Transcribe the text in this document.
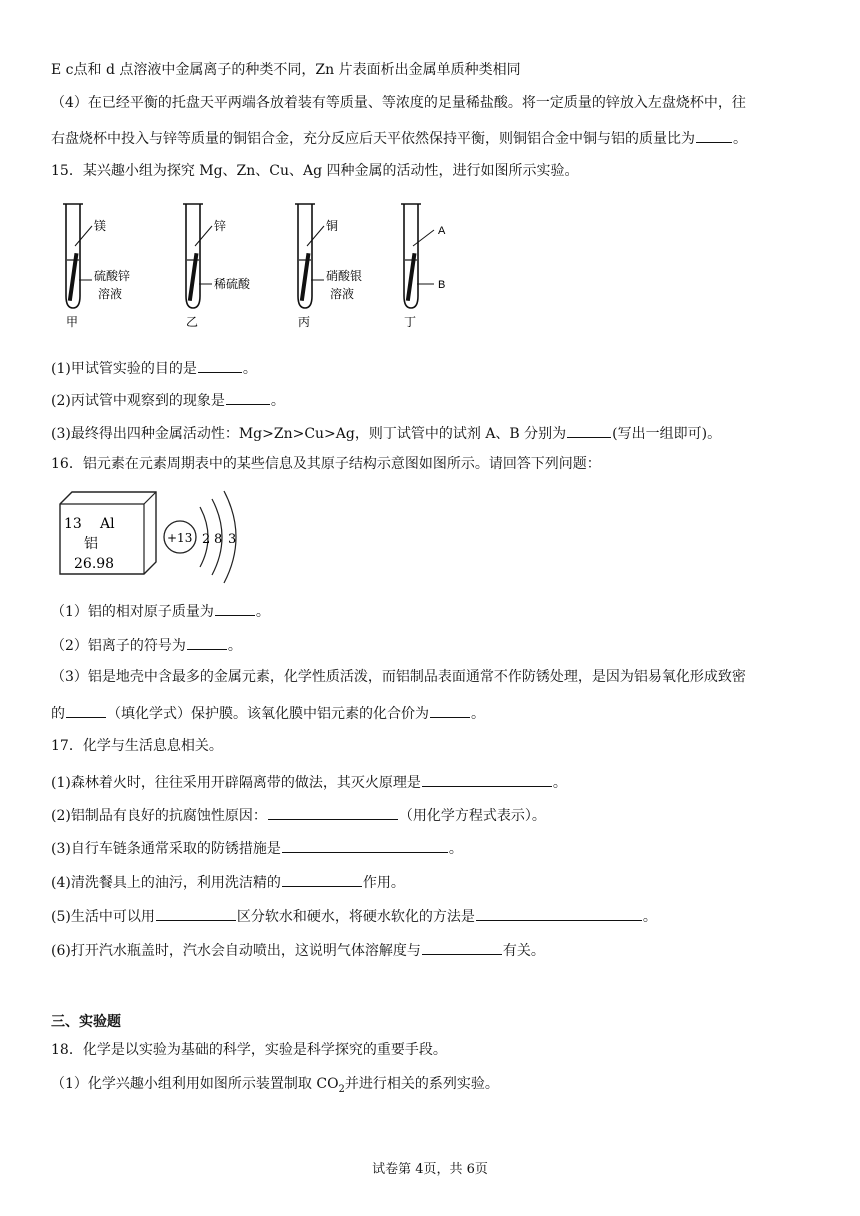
E c点和 d 点溶液中金属离子的种类不同，Zn 片表面析出金属单质种类相同
（4）在已经平衡的托盘天平两端各放着装有等质量、等浓度的足量稀盐酸。将一定质量的锌放入左盘烧杯中，往
右盘烧杯中投入与锌等质量的铜铝合金，充分反应后天平依然保持平衡，则铜铝合金中铜与铝的质量比为	。
15．某兴趣小组为探究 Mg、Zn、Cu、Ag 四种金属的活动性，进行如图所示实验。
镁
硫酸锌
溶液
甲
锌
稀硫酸
乙
铜
硝酸银
溶液
丙
A
B
丁
(1)甲试管实验的目的是	。
(2)丙试管中观察到的现象是	。
(3)最终得出四种金属活动性：Mg>Zn>Cu>Ag，则丁试管中的试剂 A、B 分别为	(写出一组即可)。
16．铝元素在元素周期表中的某些信息及其原子结构示意图如图所示。请回答下列问题：
13 Al
铝
26.98
+13 2 8 3
（1）铝的相对原子质量为	。
（2）铝离子的符号为	。
（3）铝是地壳中含最多的金属元素，化学性质活泼，而铝制品表面通常不作防锈处理，是因为铝易氧化形成致密
的	（填化学式）保护膜。该氧化膜中铝元素的化合价为	。
17．化学与生活息息相关。
(1)森林着火时，往往采用开辟隔离带的做法，其灭火原理是	。
(2)铝制品有良好的抗腐蚀性原因：	（用化学方程式表示）。
(3)自行车链条通常采取的防锈措施是	。
(4)清洗餐具上的油污，利用洗洁精的	作用。
(5)生活中可以用	区分软水和硬水，将硬水软化的方法是	。
(6)打开汽水瓶盖时，汽水会自动喷出，这说明气体溶解度与	有关。
三、实验题
18．化学是以实验为基础的科学，实验是科学探究的重要手段。
（1）化学兴趣小组利用如图所示装置制取 $CO_2$并进行相关的系列实验。
试卷第 4页，共 6页
